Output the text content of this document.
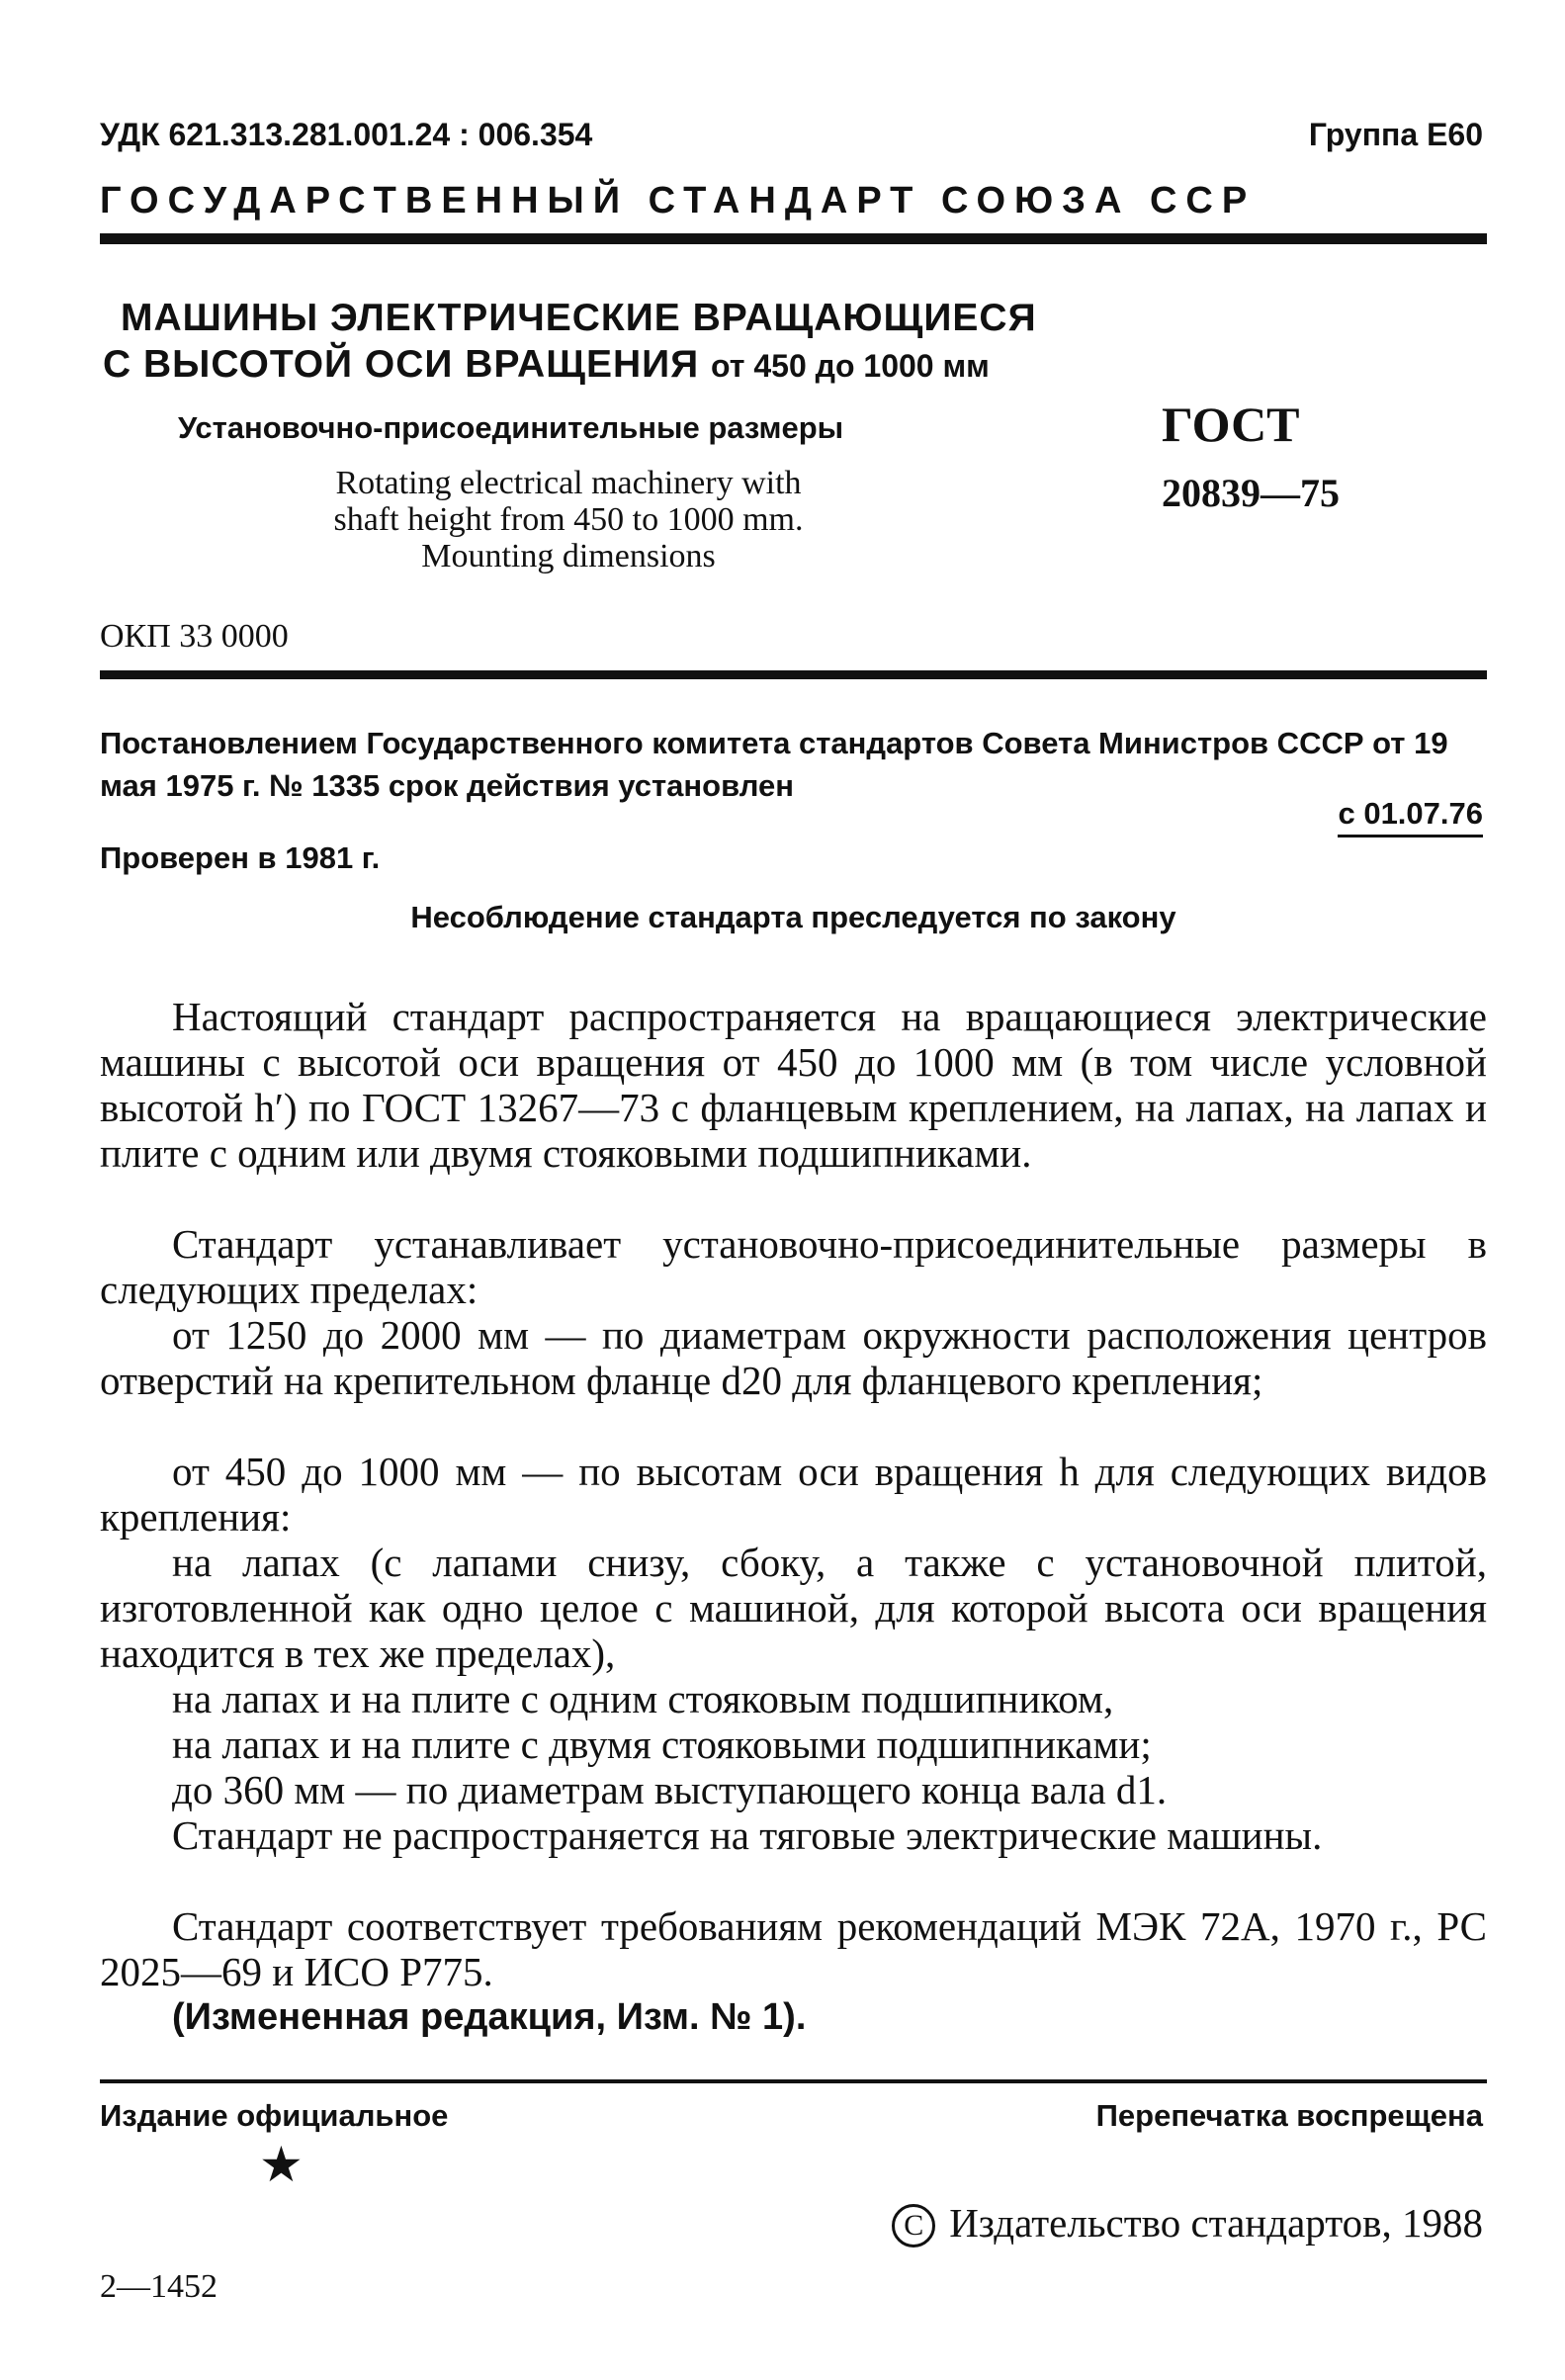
УДК 621.313.281.001.24 : 006.354	Группа Е60
ГОСУДАРСТВЕННЫЙ СТАНДАРТ СОЮЗА ССР
МАШИНЫ ЭЛЕКТРИЧЕСКИЕ ВРАЩАЮЩИЕСЯ
С ВЫСОТОЙ ОСИ ВРАЩЕНИЯ от 450 до 1000 мм
Установочно-присоединительные размеры
Rotating electrical machinery with
shaft height from 450 to 1000 mm.
Mounting dimensions
ГОСТ
20839—75
ОКП 33 0000
Постановлением Государственного комитета стандартов Совета Министров СССР от 19 мая 1975 г. № 1335 срок действия установлен
с 01.07.76
Проверен в 1981 г.
Несоблюдение стандарта преследуется по закону
Настоящий стандарт распространяется на вращающиеся электрические машины с высотой оси вращения от 450 до 1000 мм (в том числе условной высотой h′) по ГОСТ 13267—73 с фланцевым креплением, на лапах, на лапах и плите с одним или двумя стояковыми подшипниками.
Стандарт устанавливает установочно-присоединительные размеры в следующих пределах:
от 1250 до 2000 мм — по диаметрам окружности расположения центров отверстий на крепительном фланце d20 для фланцевого крепления;
от 450 до 1000 мм — по высотам оси вращения h для следующих видов крепления:
на лапах (с лапами снизу, сбоку, а также с установочной плитой, изготовленной как одно целое с машиной, для которой высота оси вращения находится в тех же пределах),
на лапах и на плите с одним стояковым подшипником,
на лапах и на плите с двумя стояковыми подшипниками;
до 360 мм — по диаметрам выступающего конца вала d1.
Стандарт не распространяется на тяговые электрические машины.
Стандарт соответствует требованиям рекомендаций МЭК 72А, 1970 г., РС 2025—69 и ИСО Р775.
(Измененная редакция, Изм. № 1).
Издание официальное	Перепечатка воспрещена
★
C Издательство стандартов, 1988
2—1452
